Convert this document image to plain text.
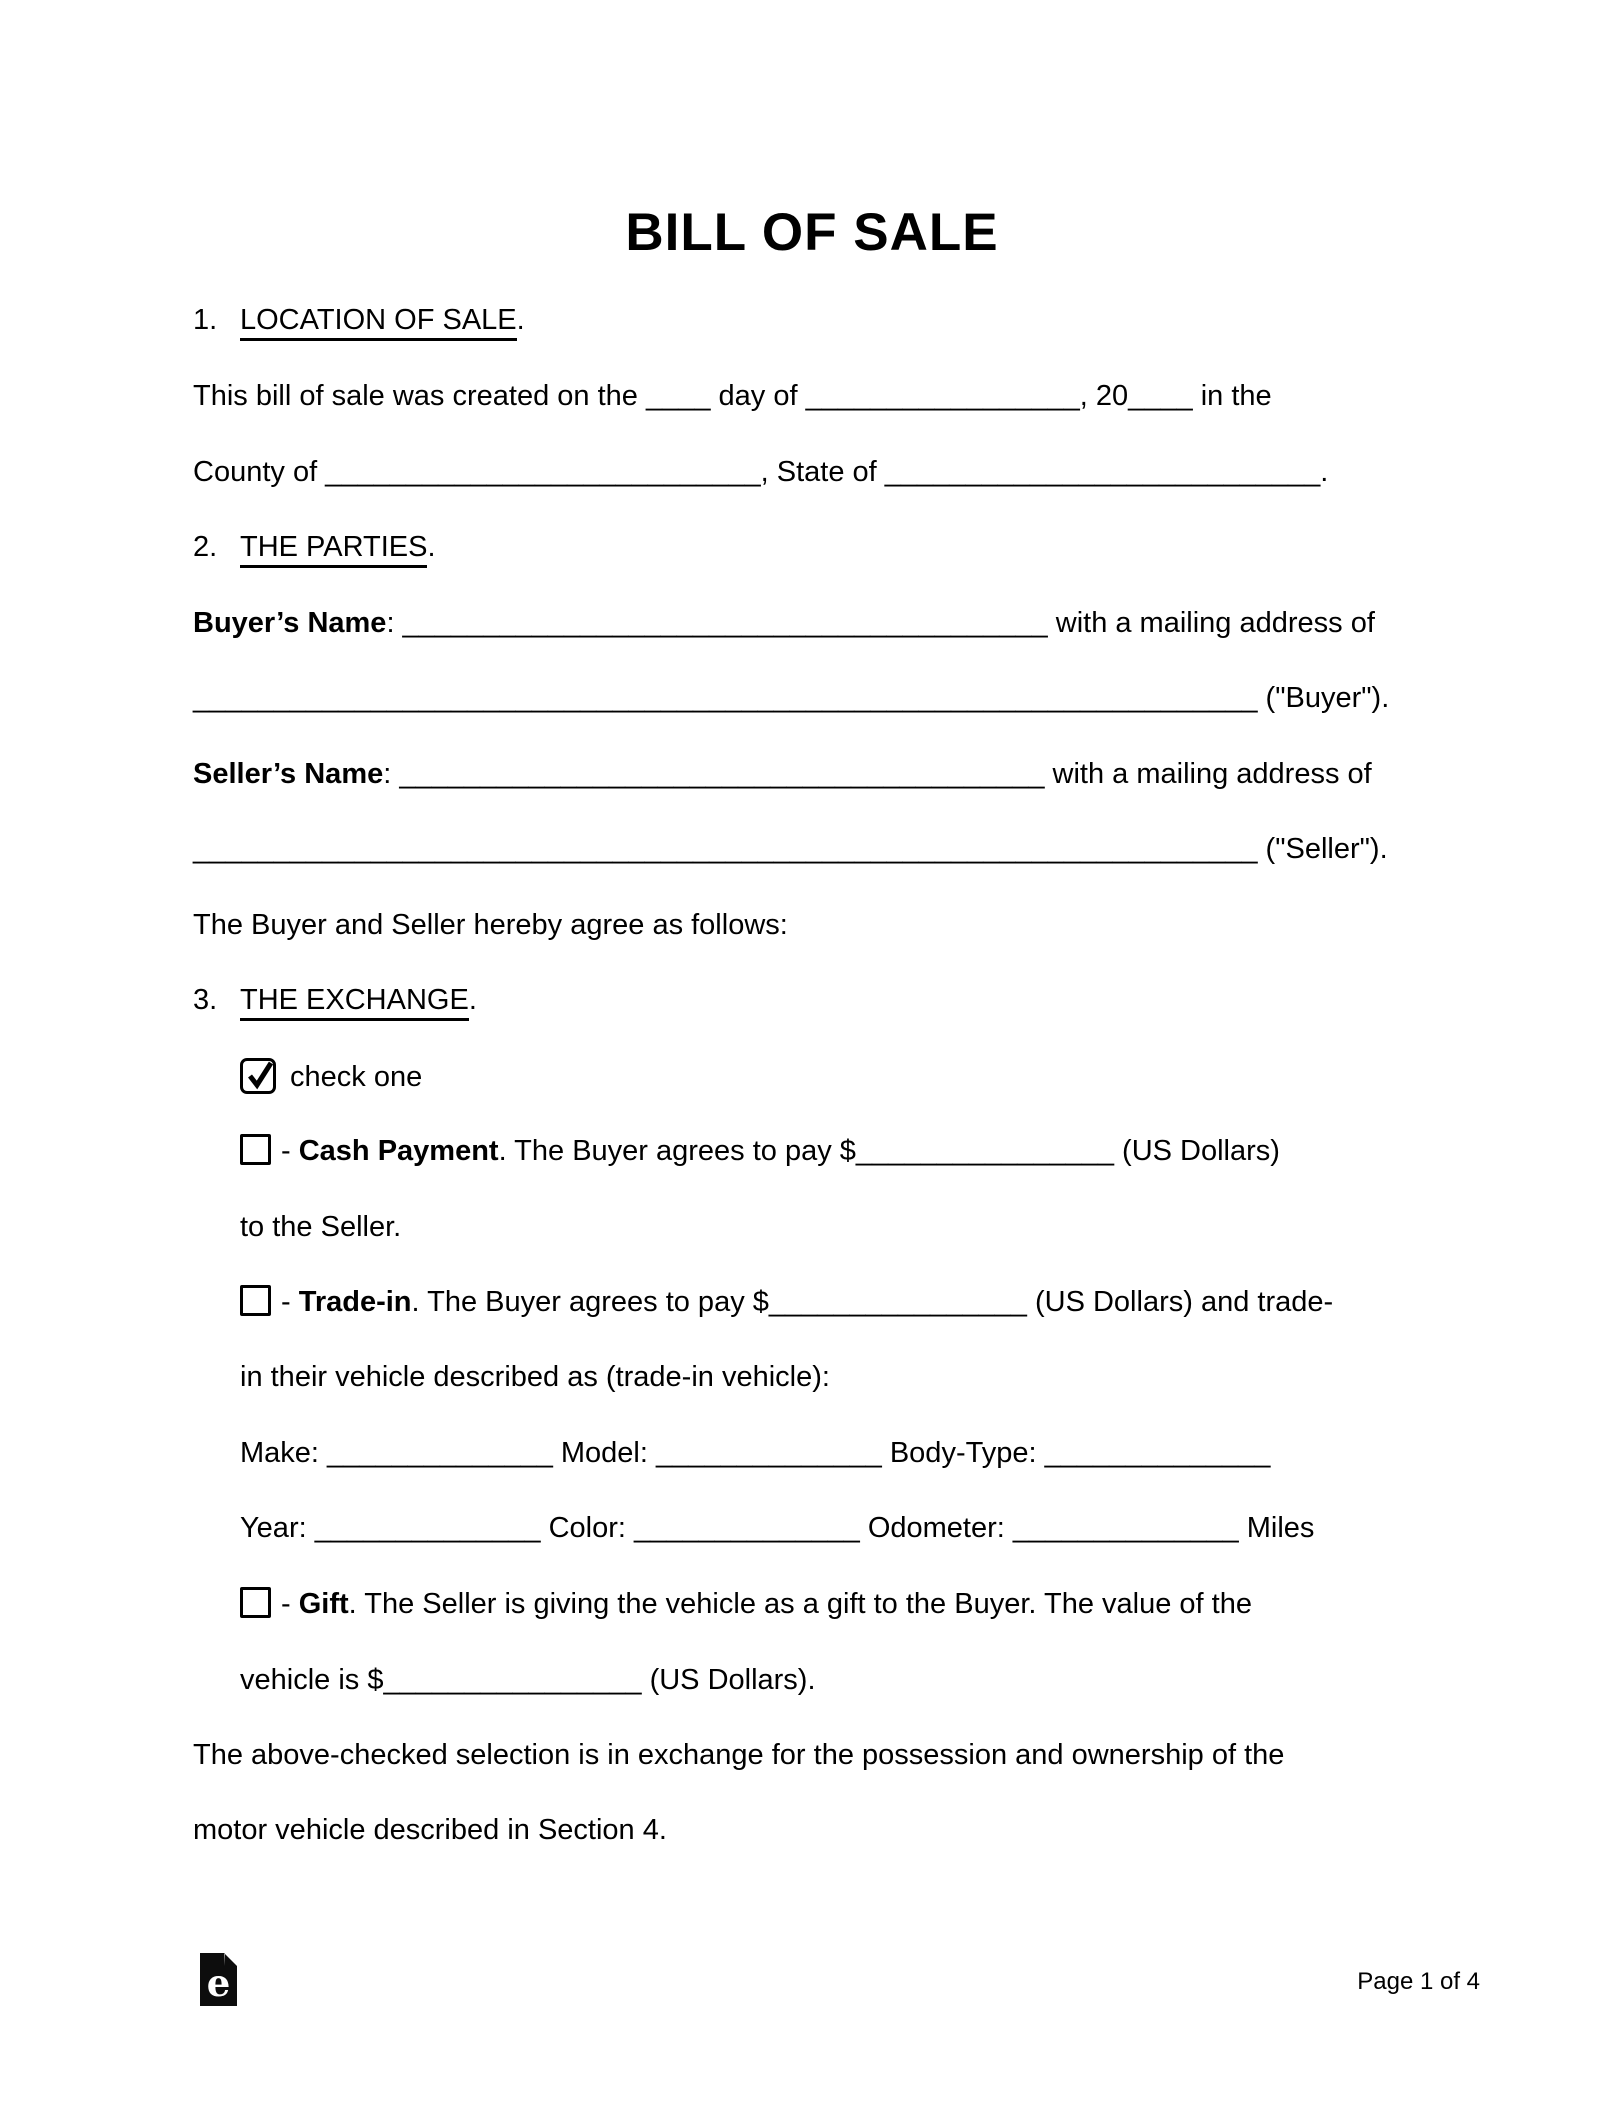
BILL OF SALE
1. LOCATION OF SALE.
This bill of sale was created on the ____ day of _________________, 20____ in the
County of ___________________________, State of ___________________________.
2. THE PARTIES.
Buyer’s Name: ________________________________________ with a mailing address of
__________________________________________________________________ ("Buyer").
Seller’s Name: ________________________________________ with a mailing address of
__________________________________________________________________ ("Seller").
The Buyer and Seller hereby agree as follows:
3. THE EXCHANGE.
check one
- Cash Payment. The Buyer agrees to pay $________________ (US Dollars)
to the Seller.
- Trade-in. The Buyer agrees to pay $________________ (US Dollars) and trade-
in their vehicle described as (trade-in vehicle):
Make: ______________ Model: ______________ Body-Type: ______________
Year: ______________ Color: ______________ Odometer: ______________ Miles
- Gift. The Seller is giving the vehicle as a gift to the Buyer. The value of the
vehicle is $________________ (US Dollars).
The above-checked selection is in exchange for the possession and ownership of the
motor vehicle described in Section 4.
e	Page 1 of 4
